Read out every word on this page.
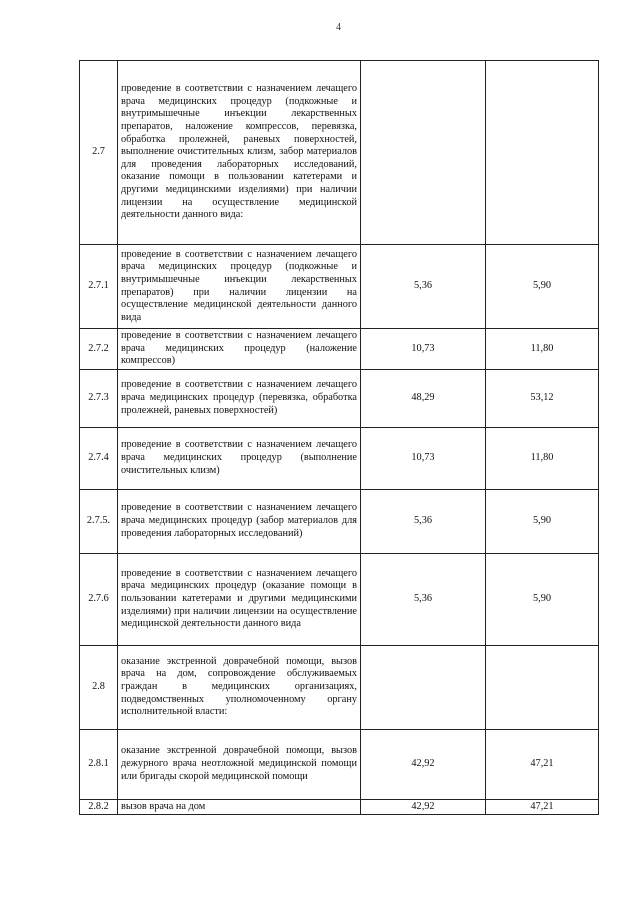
4
2.7	проведение в соответствии с назначением лечащего врача медицинских процедур (подкожные и внутримышечные инъекции лекарственных препаратов, наложение компрессов, перевязка, обработка пролежней, раневых поверхностей, выполнение очистительных клизм, забор материалов для проведения лабораторных исследований, оказание помощи в пользовании катетерами и другими медицинскими изделиями) при наличии лицензии на осуществление медицинской деятельности данного вида:		
2.7.1	проведение в соответствии с назначением лечащего врача медицинских процедур (подкожные и внутримышечные инъекции лекарственных препаратов) при наличии лицензии на осуществление медицинской деятельности данного вида	5,36	5,90
2.7.2	проведение в соответствии с назначением лечащего врача медицинских процедур (наложение компрессов)	10,73	11,80
2.7.3	проведение в соответствии с назначением лечащего врача медицинских процедур (перевязка, обработка пролежней, раневых поверхностей)	48,29	53,12
2.7.4	проведение в соответствии с назначением лечащего врача медицинских процедур (выполнение очистительных клизм)	10,73	11,80
2.7.5.	проведение в соответствии с назначением лечащего врача медицинских процедур (забор материалов для проведения лабораторных исследований)	5,36	5,90
2.7.6	проведение в соответствии с назначением лечащего врача медицинских процедур (оказание помощи в пользовании катетерами и другими медицинскими изделиями) при наличии лицензии на осуществление медицинской деятельности данного вида	5,36	5,90
2.8	оказание экстренной доврачебной помощи, вызов врача на дом, сопровождение обслуживаемых граждан в медицинских организациях, подведомственных уполномоченному органу исполнительной власти:		
2.8.1	оказание экстренной доврачебной помощи, вызов дежурного врача неотложной медицинской помощи или бригады скорой медицинской помощи	42,92	47,21
2.8.2	вызов врача на дом	42,92	47,21
